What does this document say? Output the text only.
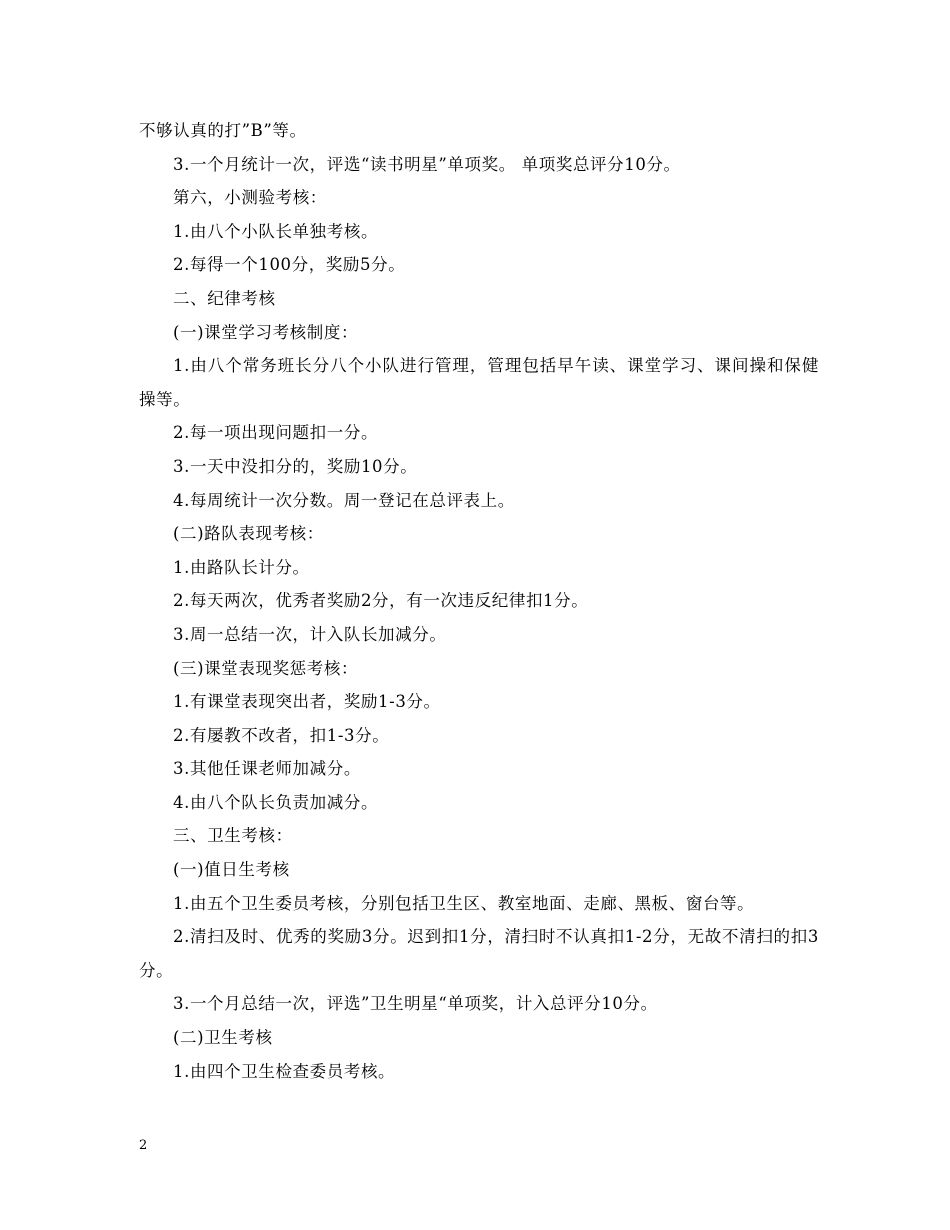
不够认真的打”B”等。

3.一个月统计一次，评选“读书明星”单项奖。 单项奖总评分10分。

第六，小测验考核：

1.由八个小队长单独考核。

2.每得一个100分，奖励5分。

二、纪律考核

(一)课堂学习考核制度：

1.由八个常务班长分八个小队进行管理，管理包括早午读、课堂学习、课间操和保健操等。

2.每一项出现问题扣一分。

3.一天中没扣分的，奖励10分。

4.每周统计一次分数。周一登记在总评表上。

(二)路队表现考核：

1.由路队长计分。

2.每天两次，优秀者奖励2分，有一次违反纪律扣1分。

3.周一总结一次，计入队长加减分。

(三)课堂表现奖惩考核：

1.有课堂表现突出者，奖励1-3分。

2.有屡教不改者，扣1-3分。

3.其他任课老师加减分。

4.由八个队长负责加减分。

三、卫生考核：

(一)值日生考核

1.由五个卫生委员考核，分别包括卫生区、教室地面、走廊、黑板、窗台等。

2.清扫及时、优秀的奖励3分。迟到扣1分，清扫时不认真扣1-2分，无故不清扫的扣3分。

3.一个月总结一次，评选”卫生明星“单项奖，计入总评分10分。

(二)卫生考核

1.由四个卫生检查委员考核。

2
